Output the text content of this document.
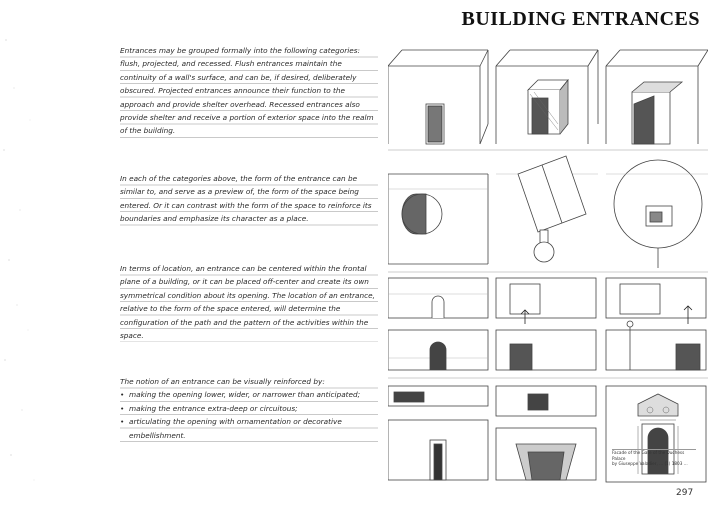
BUILDING ENTRANCES

Entrances may be grouped formally into the following categories: flush, projected, and recessed. Flush entrances maintain the continuity of a wall's surface, and can be, if desired, deliberately obscured. Projected entrances announce their function to the approach and provide shelter overhead. Recessed entrances also provide shelter and receive a portion of exterior space into the realm of the building.

In each of the categories above, the form of the entrance can be similar to, and serve as a preview of, the form of the space being entered. Or it can contrast with the form of the space to reinforce its boundaries and emphasize its character as a place.

In terms of location, an entrance can be centered within the frontal plane of a building, or it can be placed off-center and create its own symmetrical condition about its opening. The location of an entrance, relative to the form of the space entered, will determine the configuration of the path and the pattern of the activities within the space.

The notion of an entrance can be visually reinforced by:

• making the opening lower, wider, or narrower than anticipated;
• making the entrance extra-deep or circuitous;
• articulating the opening with ornamentation or decorative embellishment.
Facade of the Gate of the Duchess Palace
by Giuseppe Valadier, ... (1) 1803 ...
297
